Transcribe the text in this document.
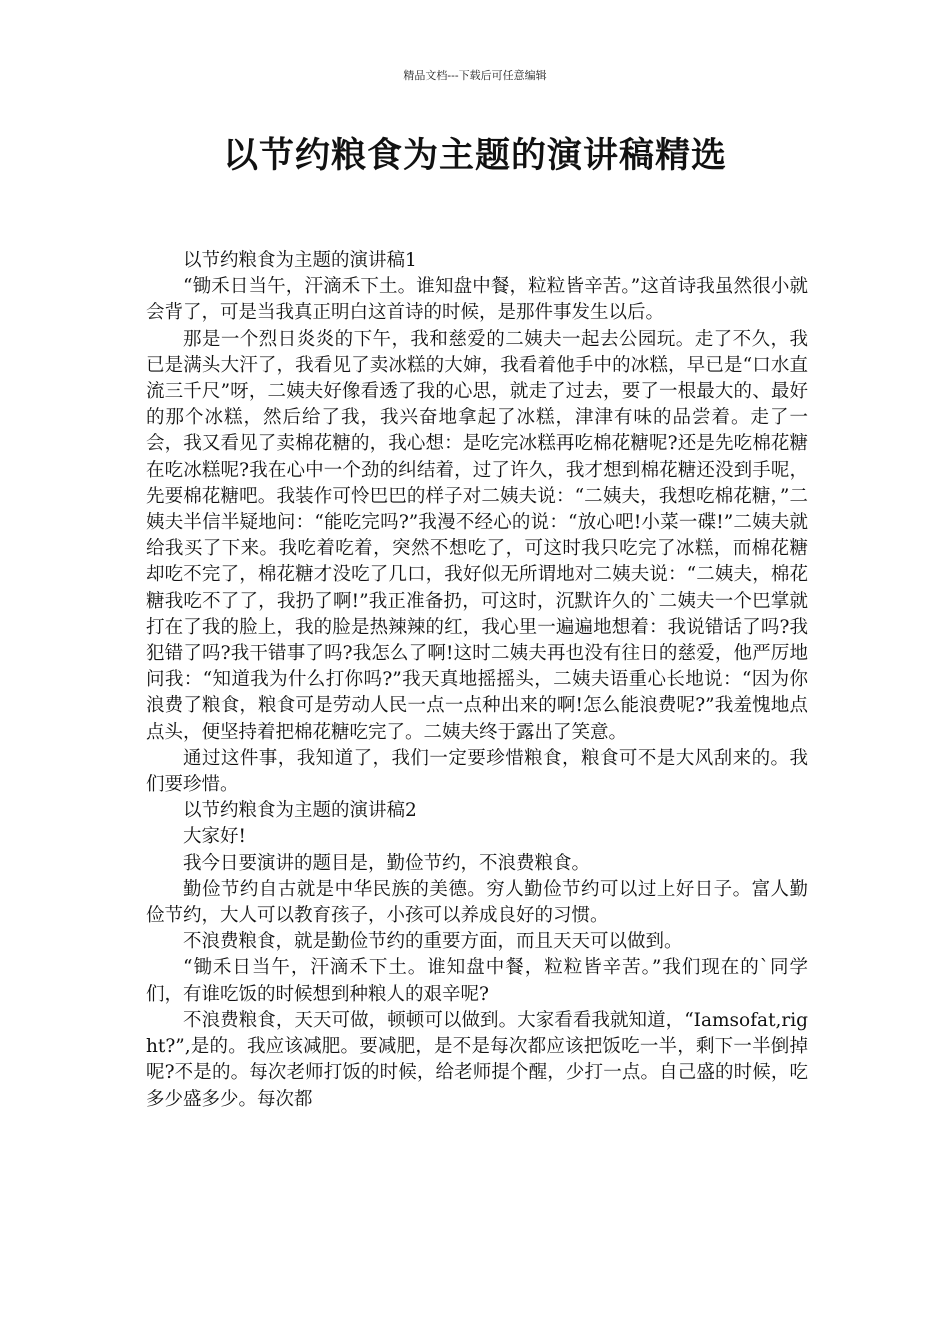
精品文档---下载后可任意编辑
以节约粮食为主题的演讲稿精选

以节约粮食为主题的演讲稿1

“锄禾日当午，汗滴禾下土。谁知盘中餐，粒粒皆辛苦。”这首诗我虽然很小就会背了，可是当我真正明白这首诗的时候，是那件事发生以后。

那是一个烈日炎炎的下午，我和慈爱的二姨夫一起去公园玩。走了不久，我已是满头大汗了，我看见了卖冰糕的大婶，我看着他手中的冰糕，早已是“口水直流三千尺”呀，二姨夫好像看透了我的心思，就走了过去，要了一根最大的、最好的那个冰糕，然后给了我，我兴奋地拿起了冰糕，津津有味的品尝着。走了一会，我又看见了卖棉花糖的，我心想：是吃完冰糕再吃棉花糖呢?还是先吃棉花糖在吃冰糕呢?我在心中一个劲的纠结着，过了许久，我才想到棉花糖还没到手呢，先要棉花糖吧。我装作可怜巴巴的样子对二姨夫说：“二姨夫，我想吃棉花糖，”二姨夫半信半疑地问：“能吃完吗?”我漫不经心的说：“放心吧!小菜一碟!”二姨夫就给我买了下来。我吃着吃着，突然不想吃了，可这时我只吃完了冰糕，而棉花糖却吃不完了，棉花糖才没吃了几口，我好似无所谓地对二姨夫说：“二姨夫，棉花糖我吃不了了，我扔了啊!”我正准备扔，可这时，沉默许久的`二姨夫一个巴掌就打在了我的脸上，我的脸是热辣辣的红，我心里一遍遍地想着：我说错话了吗?我犯错了吗?我干错事了吗?我怎么了啊!这时二姨夫再也没有往日的慈爱，他严厉地问我：“知道我为什么打你吗?”我天真地摇摇头，二姨夫语重心长地说：“因为你浪费了粮食，粮食可是劳动人民一点一点种出来的啊!怎么能浪费呢?”我羞愧地点点头，便坚持着把棉花糖吃完了。二姨夫终于露出了笑意。

通过这件事，我知道了，我们一定要珍惜粮食，粮食可不是大风刮来的。我们要珍惜。

以节约粮食为主题的演讲稿2

大家好!

我今日要演讲的题目是，勤俭节约，不浪费粮食。

勤俭节约自古就是中华民族的美德。穷人勤俭节约可以过上好日子。富人勤俭节约，大人可以教育孩子，小孩可以养成良好的习惯。

不浪费粮食，就是勤俭节约的重要方面，而且天天可以做到。

“锄禾日当午，汗滴禾下土。谁知盘中餐，粒粒皆辛苦。”我们现在的`同学们，有谁吃饭的时候想到种粮人的艰辛呢?

不浪费粮食，天天可做，顿顿可以做到。大家看看我就知道，“Iamsofat,right?”,是的。我应该减肥。要减肥，是不是每次都应该把饭吃一半，剩下一半倒掉呢?不是的。每次老师打饭的时候，给老师提个醒，少打一点。自己盛的时候，吃多少盛多少。每次都
